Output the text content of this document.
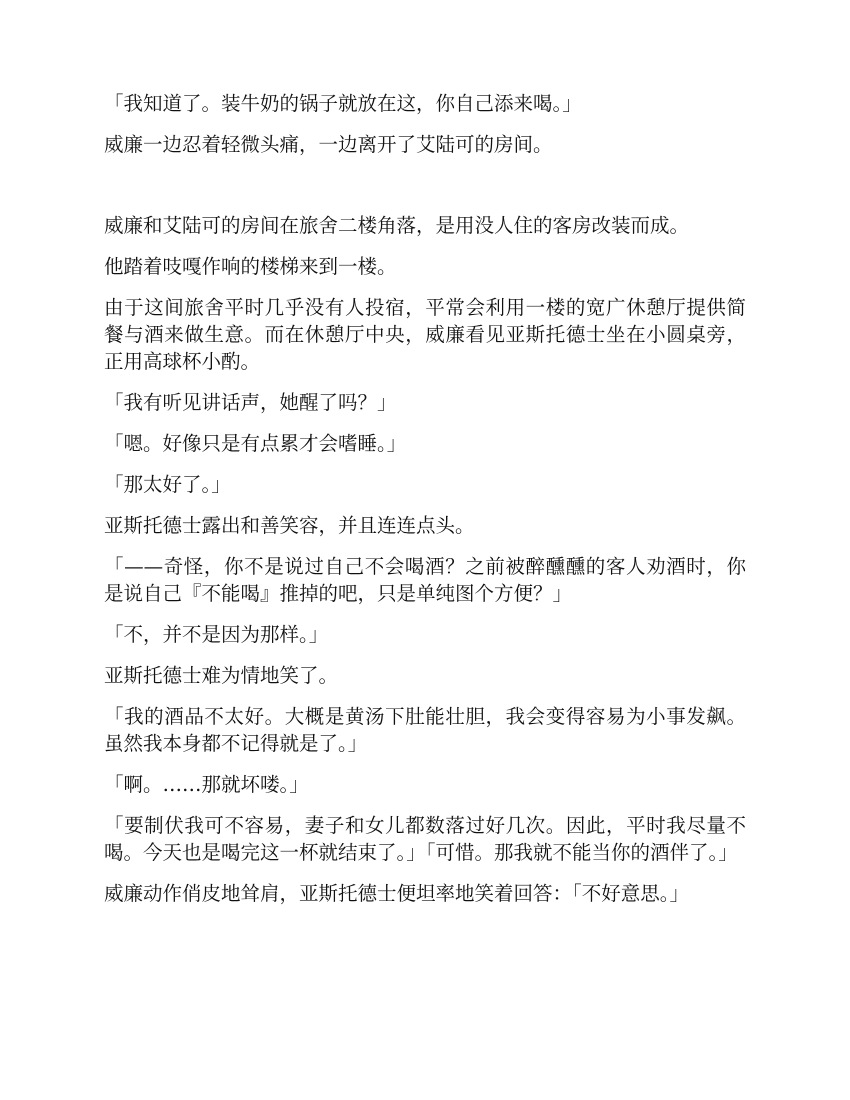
「我知道了。装牛奶的锅子就放在这，你自己添来喝。」

威廉一边忍着轻微头痛，一边离开了艾陆可的房间。

威廉和艾陆可的房间在旅舍二楼角落，是用没人住的客房改装而成。

他踏着吱嘎作响的楼梯来到一楼。

由于这间旅舍平时几乎没有人投宿，平常会利用一楼的宽广休憩厅提供简餐与酒来做生意。而在休憩厅中央，威廉看见亚斯托德士坐在小圆桌旁，正用高球杯小酌。

「我有听见讲话声，她醒了吗？」

「嗯。好像只是有点累才会嗜睡。」

「那太好了。」

亚斯托德士露出和善笑容，并且连连点头。

「——奇怪，你不是说过自己不会喝酒？之前被醉醺醺的客人劝酒时，你是说自己『不能喝』推掉的吧，只是单纯图个方便？」

「不，并不是因为那样。」

亚斯托德士难为情地笑了。

「我的酒品不太好。大概是黄汤下肚能壮胆，我会变得容易为小事发飙。虽然我本身都不记得就是了。」

「啊。……那就坏喽。」

「要制伏我可不容易，妻子和女儿都数落过好几次。因此，平时我尽量不喝。今天也是喝完这一杯就结束了。」「可惜。那我就不能当你的酒伴了。」

威廉动作俏皮地耸肩，亚斯托德士便坦率地笑着回答：「不好意思。」
